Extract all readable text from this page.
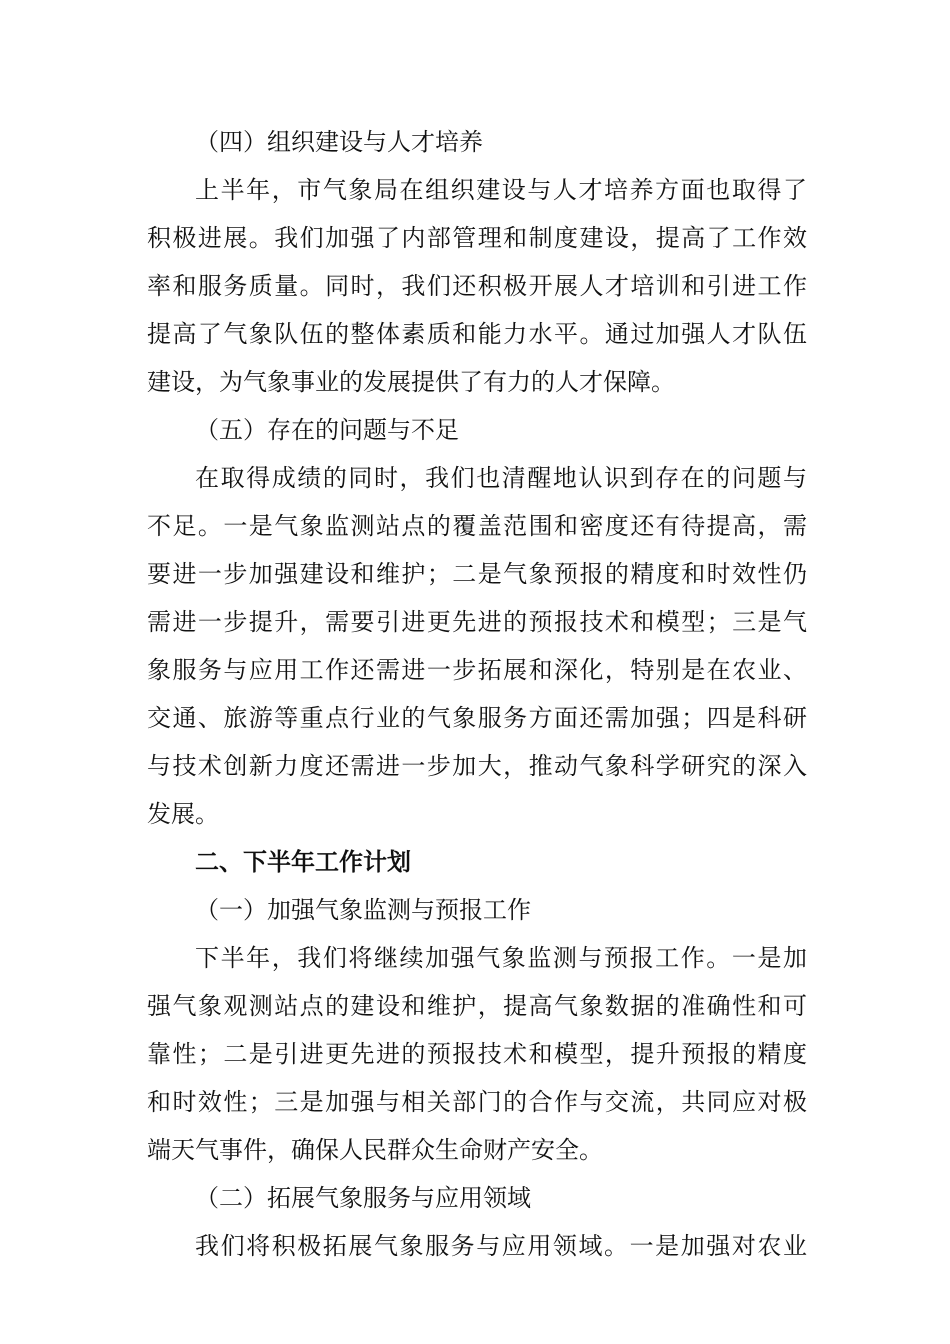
（四）组织建设与人才培养
上半年，市气象局在组织建设与人才培养方面也取得了
积极进展。我们加强了内部管理和制度建设，提高了工作效
率和服务质量。同时，我们还积极开展人才培训和引进工作
提高了气象队伍的整体素质和能力水平。通过加强人才队伍
建设，为气象事业的发展提供了有力的人才保障。
（五）存在的问题与不足
在取得成绩的同时，我们也清醒地认识到存在的问题与
不足。一是气象监测站点的覆盖范围和密度还有待提高，需
要进一步加强建设和维护；二是气象预报的精度和时效性仍
需进一步提升，需要引进更先进的预报技术和模型；三是气
象服务与应用工作还需进一步拓展和深化，特别是在农业、
交通、旅游等重点行业的气象服务方面还需加强；四是科研
与技术创新力度还需进一步加大，推动气象科学研究的深入
发展。
二、下半年工作计划
（一）加强气象监测与预报工作
下半年，我们将继续加强气象监测与预报工作。一是加
强气象观测站点的建设和维护，提高气象数据的准确性和可
靠性；二是引进更先进的预报技术和模型，提升预报的精度
和时效性；三是加强与相关部门的合作与交流，共同应对极
端天气事件，确保人民群众生命财产安全。
（二）拓展气象服务与应用领域
我们将积极拓展气象服务与应用领域。一是加强对农业
